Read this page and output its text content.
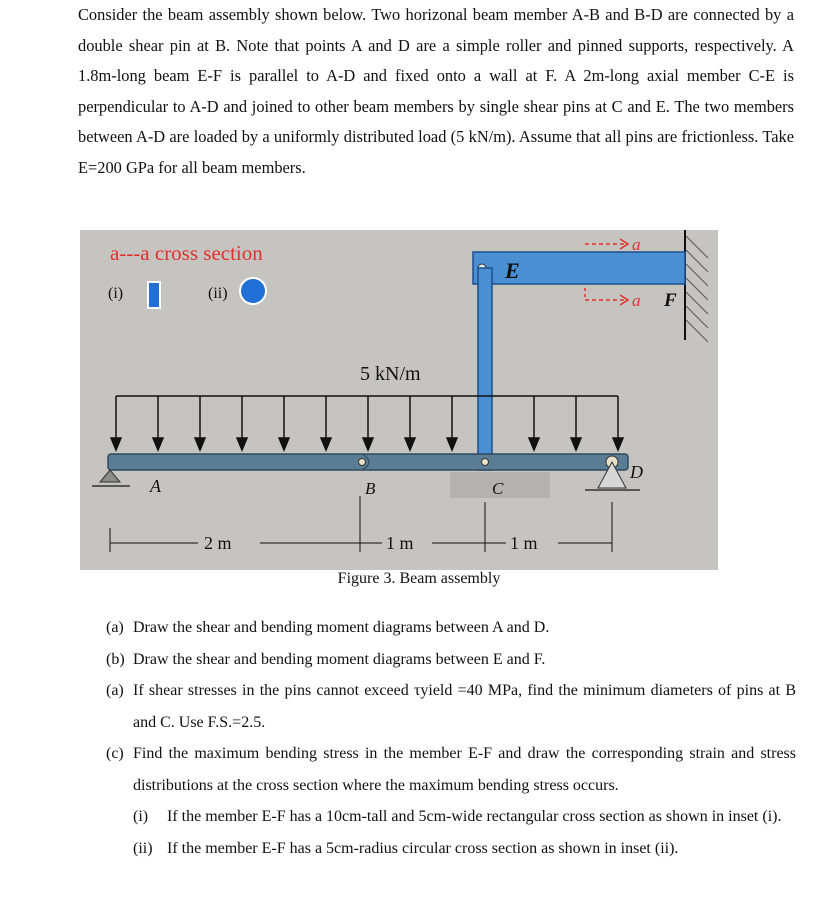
Consider the beam assembly shown below. Two horizonal beam member A-B and B-D are connected by a double shear pin at B. Note that points A and D are a simple roller and pinned supports, respectively. A 1.8m-long beam E-F is parallel to A-D and fixed onto a wall at F. A 2m-long axial member C-E is perpendicular to A-D and joined to other beam members by single shear pins at C and E. The two members between A-D are loaded by a uniformly distributed load (5 kN/m). Assume that all pins are frictionless. Take E=200 GPa for all beam members.

a---a cross section
(i)	(ii)
E
a
a F
5 kN/m
A
D
B	C
2 m	1 m	1 m
Figure 3. Beam assembly
(a) Draw the shear and bending moment diagrams between A and D.
(b) Draw the shear and bending moment diagrams between E and F.
(a) If shear stresses in the pins cannot exceed τyield =40 MPa, find the minimum diameters of pins at B and C. Use F.S.=2.5.
(c) Find the maximum bending stress in the member E-F and draw the corresponding strain and stress distributions at the cross section where the maximum bending stress occurs.
(i) If the member E-F has a 10cm-tall and 5cm-wide rectangular cross section as shown in inset (i).
(ii) If the member E-F has a 5cm-radius circular cross section as shown in inset (ii).
